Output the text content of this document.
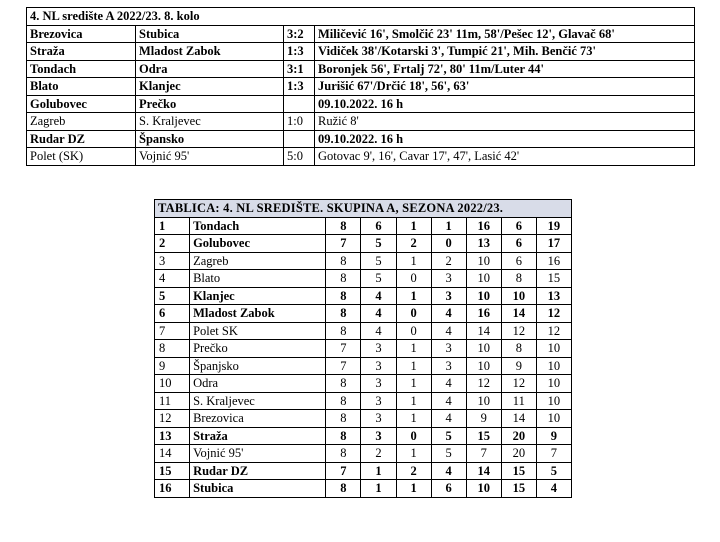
4. NL središte A 2022/23. 8. kolo			
Brezovica	Stubica	3:2	Miličević 16', Smolčić 23' 11m, 58'/Pešec 12', Glavač 68'
Straža	Mladost Zabok	1:3	Vidiček 38'/Kotarski 3', Tumpić 21', Mih. Benčić 73'
Tondach	Odra	3:1	Boronjek 56', Frtalj 72', 80' 11m/Luter 44'
Blato	Klanjec	1:3	Jurišić 67'/Drčić 18', 56', 63'
Golubovec	Prečko		09.10.2022. 16 h
Zagreb	S. Kraljevec	1:0	Ružić 8'
Rudar DZ	Špansko		09.10.2022. 16 h
Polet (SK)	Vojnić 95'	5:0	Gotovac 9', 16', Cavar 17', 47', Lasić 42'
TABLICA: 4. NL SREDIŠTE. SKUPINA A, SEZONA 2022/23.								
1	Tondach	8	6	1	1	16	6	19
2	Golubovec	7	5	2	0	13	6	17
3	Zagreb	8	5	1	2	10	6	16
4	Blato	8	5	0	3	10	8	15
5	Klanjec	8	4	1	3	10	10	13
6	Mladost Zabok	8	4	0	4	16	14	12
7	Polet SK	8	4	0	4	14	12	12
8	Prečko	7	3	1	3	10	8	10
9	Španjsko	7	3	1	3	10	9	10
10	Odra	8	3	1	4	12	12	10
11	S. Kraljevec	8	3	1	4	10	11	10
12	Brezovica	8	3	1	4	9	14	10
13	Straža	8	3	0	5	15	20	9
14	Vojnić 95'	8	2	1	5	7	20	7
15	Rudar DZ	7	1	2	4	14	15	5
16	Stubica	8	1	1	6	10	15	4
